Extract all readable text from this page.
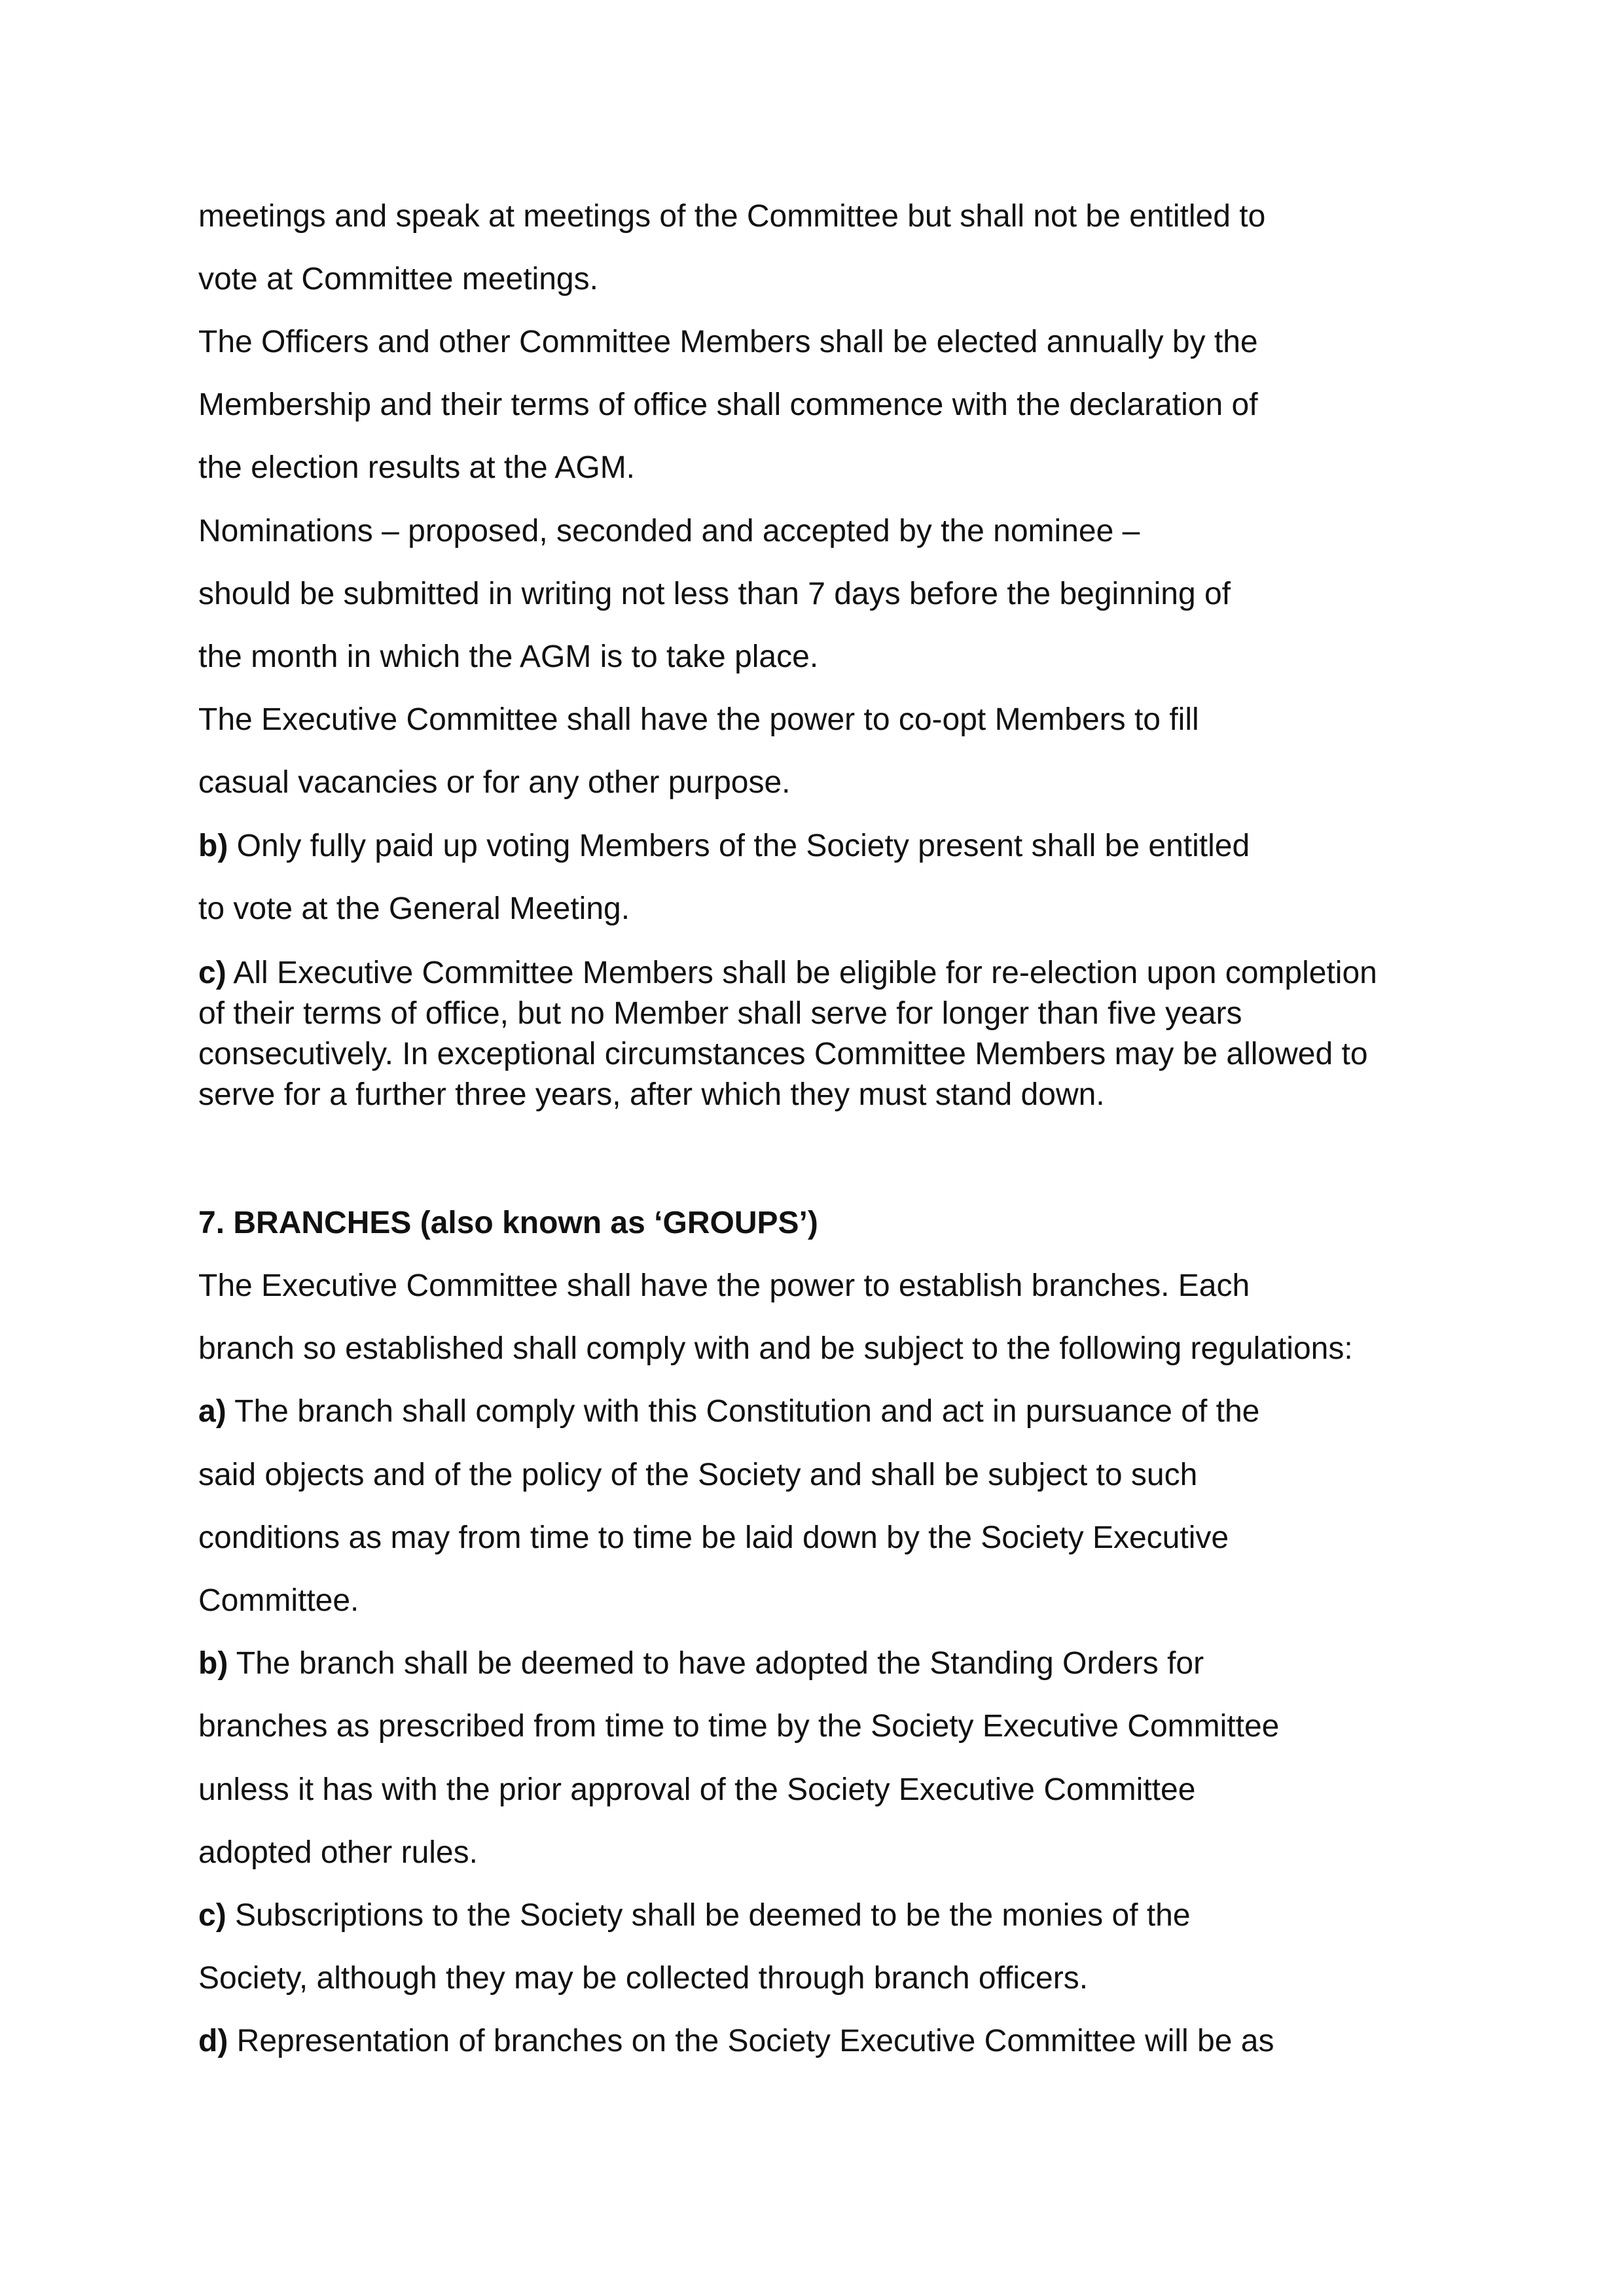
meetings and speak at meetings of the Committee but shall not be entitled to

vote at Committee meetings.

The Officers and other Committee Members shall be elected annually by the

Membership and their terms of office shall commence with the declaration of

the election results at the AGM.

Nominations – proposed, seconded and accepted by the nominee –

should be submitted in writing not less than 7 days before the beginning of

the month in which the AGM is to take place.

The Executive Committee shall have the power to co-opt Members to fill

casual vacancies or for any other purpose.

b) Only fully paid up voting Members of the Society present shall be entitled

to vote at the General Meeting.

c) All Executive Committee Members shall be eligible for re-election upon completion
of their terms of office, but no Member shall serve for longer than five years
consecutively. In exceptional circumstances Committee Members may be allowed to
serve for a further three years, after which they must stand down.

7. BRANCHES (also known as ‘GROUPS’)

The Executive Committee shall have the power to establish branches. Each

branch so established shall comply with and be subject to the following regulations:

a) The branch shall comply with this Constitution and act in pursuance of the

said objects and of the policy of the Society and shall be subject to such

conditions as may from time to time be laid down by the Society Executive

Committee.

b) The branch shall be deemed to have adopted the Standing Orders for

branches as prescribed from time to time by the Society Executive Committee

unless it has with the prior approval of the Society Executive Committee

adopted other rules.

c) Subscriptions to the Society shall be deemed to be the monies of the

Society, although they may be collected through branch officers.

d) Representation of branches on the Society Executive Committee will be as
